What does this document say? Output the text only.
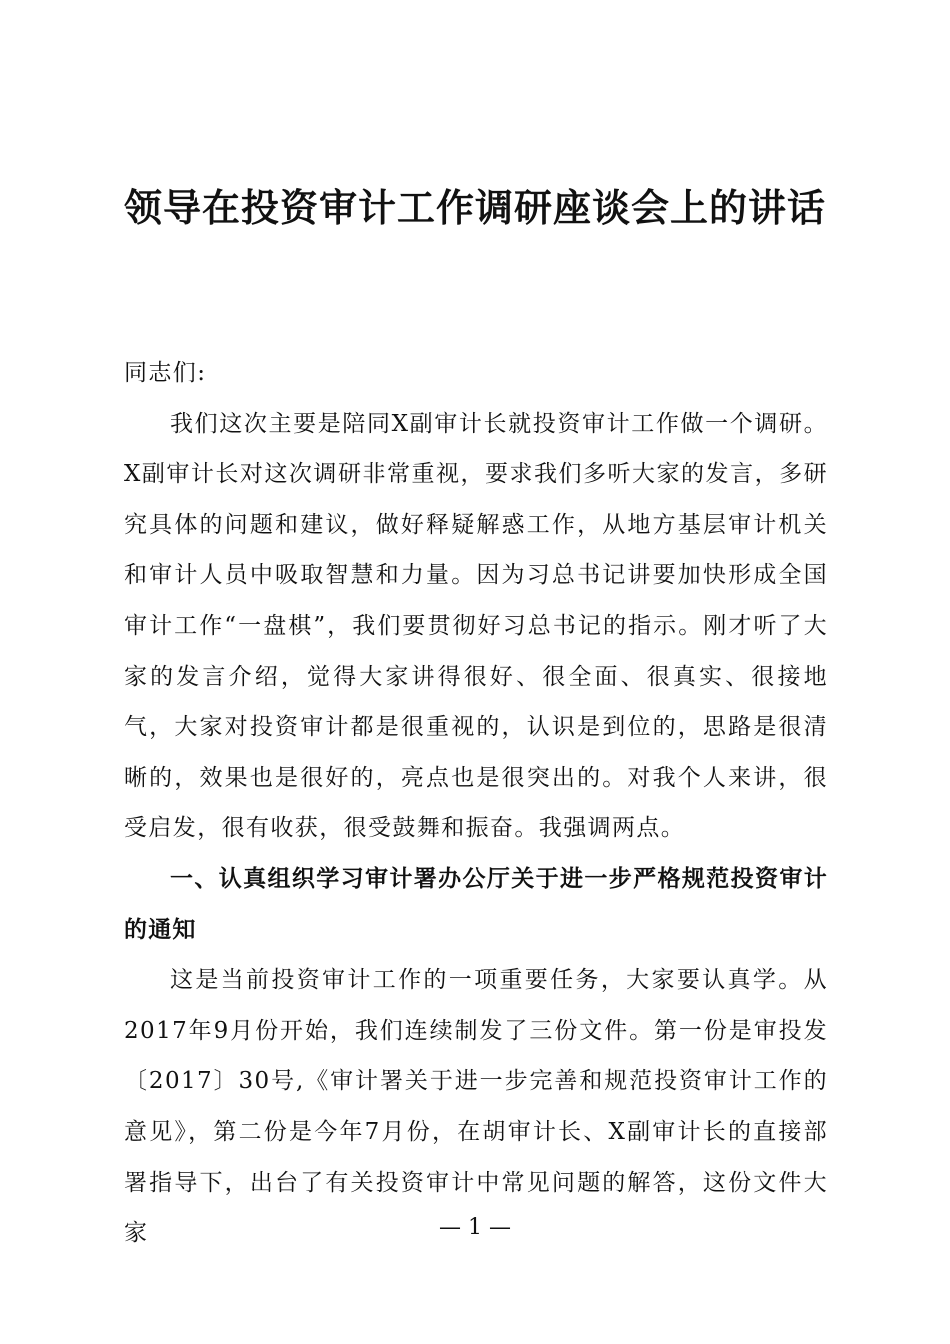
领导在投资审计工作调研座谈会上的讲话

同志们:

我们这次主要是陪同X副审计长就投资审计工作做一个调研。X副审计长对这次调研非常重视，要求我们多听大家的发言，多研究具体的问题和建议，做好释疑解惑工作，从地方基层审计机关和审计人员中吸取智慧和力量。因为习总书记讲要加快形成全国审计工作“一盘棋”，我们要贯彻好习总书记的指示。刚才听了大家的发言介绍，觉得大家讲得很好、很全面、很真实、很接地气，大家对投资审计都是很重视的，认识是到位的，思路是很清晰的，效果也是很好的，亮点也是很突出的。对我个人来讲，很受启发，很有收获，很受鼓舞和振奋。我强调两点。

一、认真组织学习审计署办公厅关于进一步严格规范投资审计的通知

这是当前投资审计工作的一项重要任务，大家要认真学。从2017年9月份开始，我们连续制发了三份文件。第一份是审投发〔2017〕30号,《审计署关于进一步完善和规范投资审计工作的意见》，第二份是今年7月份，在胡审计长、X副审计长的直接部署指导下，出台了有关投资审计中常见问题的解答，这份文件大家	— 1 —
